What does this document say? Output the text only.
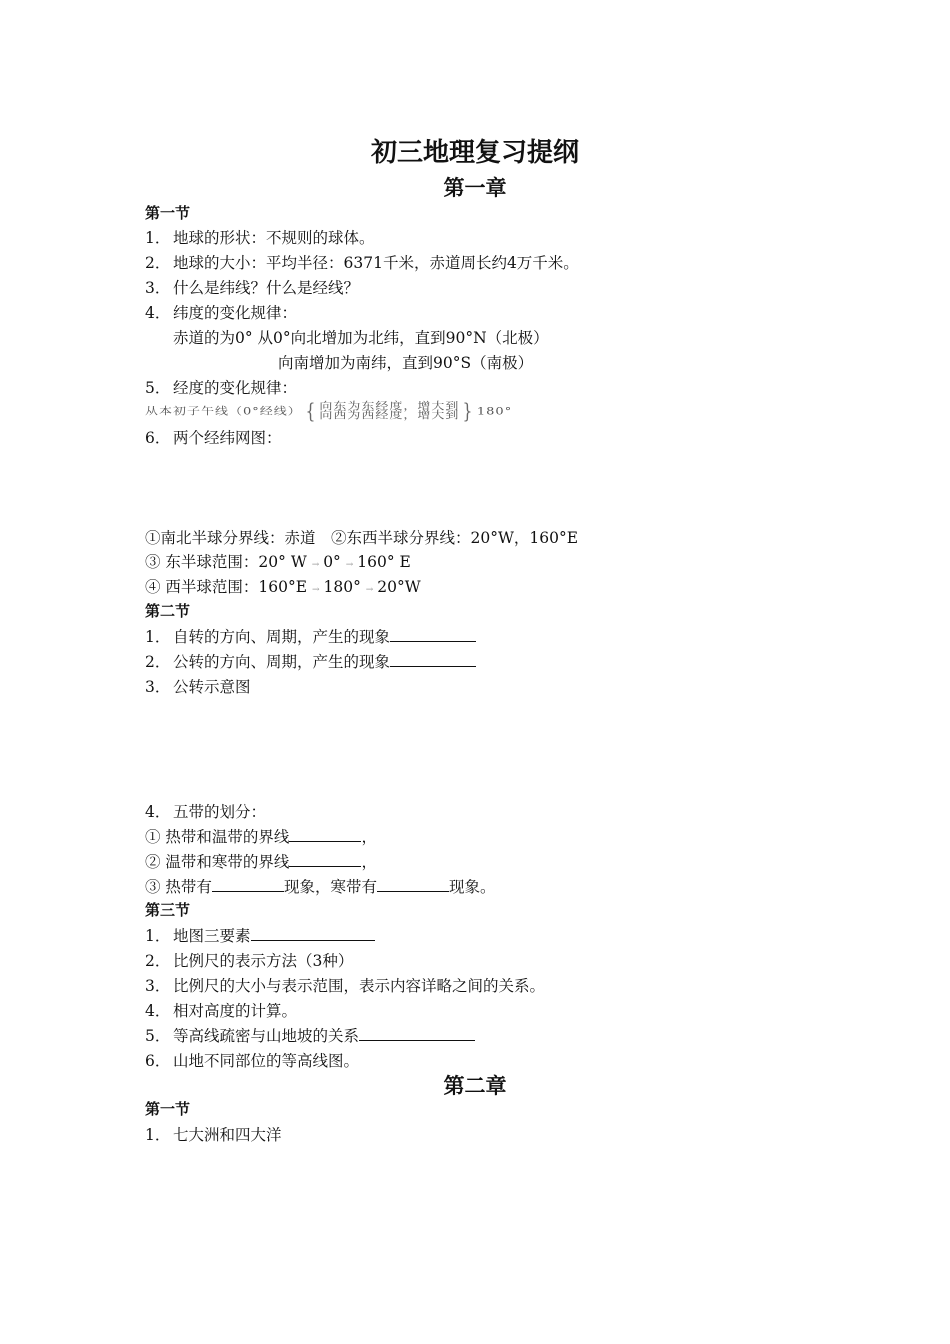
初三地理复习提纲
第一章
第一节
1． 地球的形状：不规则的球体。
2． 地球的大小：平均半径：6371千米，赤道周长约4万千米。
3． 什么是纬线？什么是经线？
4． 纬度的变化规律：
赤道的为0° 从0°向北增加为北纬，直到90°N（北极）
向南增加为南纬，直到90°S（南极）
5． 经度的变化规律：
从本初子午线（0°经线） { 向东为东经度，增大到
向西为西经度，增大到 } 180°
6． 两个经纬网图：
①南北半球分界线：赤道　②东西半球分界线：20°W，160°E
③ 东半球范围：20° W → 0° → 160° E
④ 西半球范围：160°E → 180° → 20°W
第二节
1． 自转的方向、周期，产生的现象
2． 公转的方向、周期，产生的现象
3． 公转示意图
4． 五带的划分：
① 热带和温带的界线	，
② 温带和寒带的界线	，
③ 热带有	现象，寒带有	现象。
第三节
1． 地图三要素
2． 比例尺的表示方法（3种）
3． 比例尺的大小与表示范围，表示内容详略之间的关系。
4． 相对高度的计算。
5． 等高线疏密与山地坡的关系
6． 山地不同部位的等高线图。
第二章
第一节
1． 七大洲和四大洋
